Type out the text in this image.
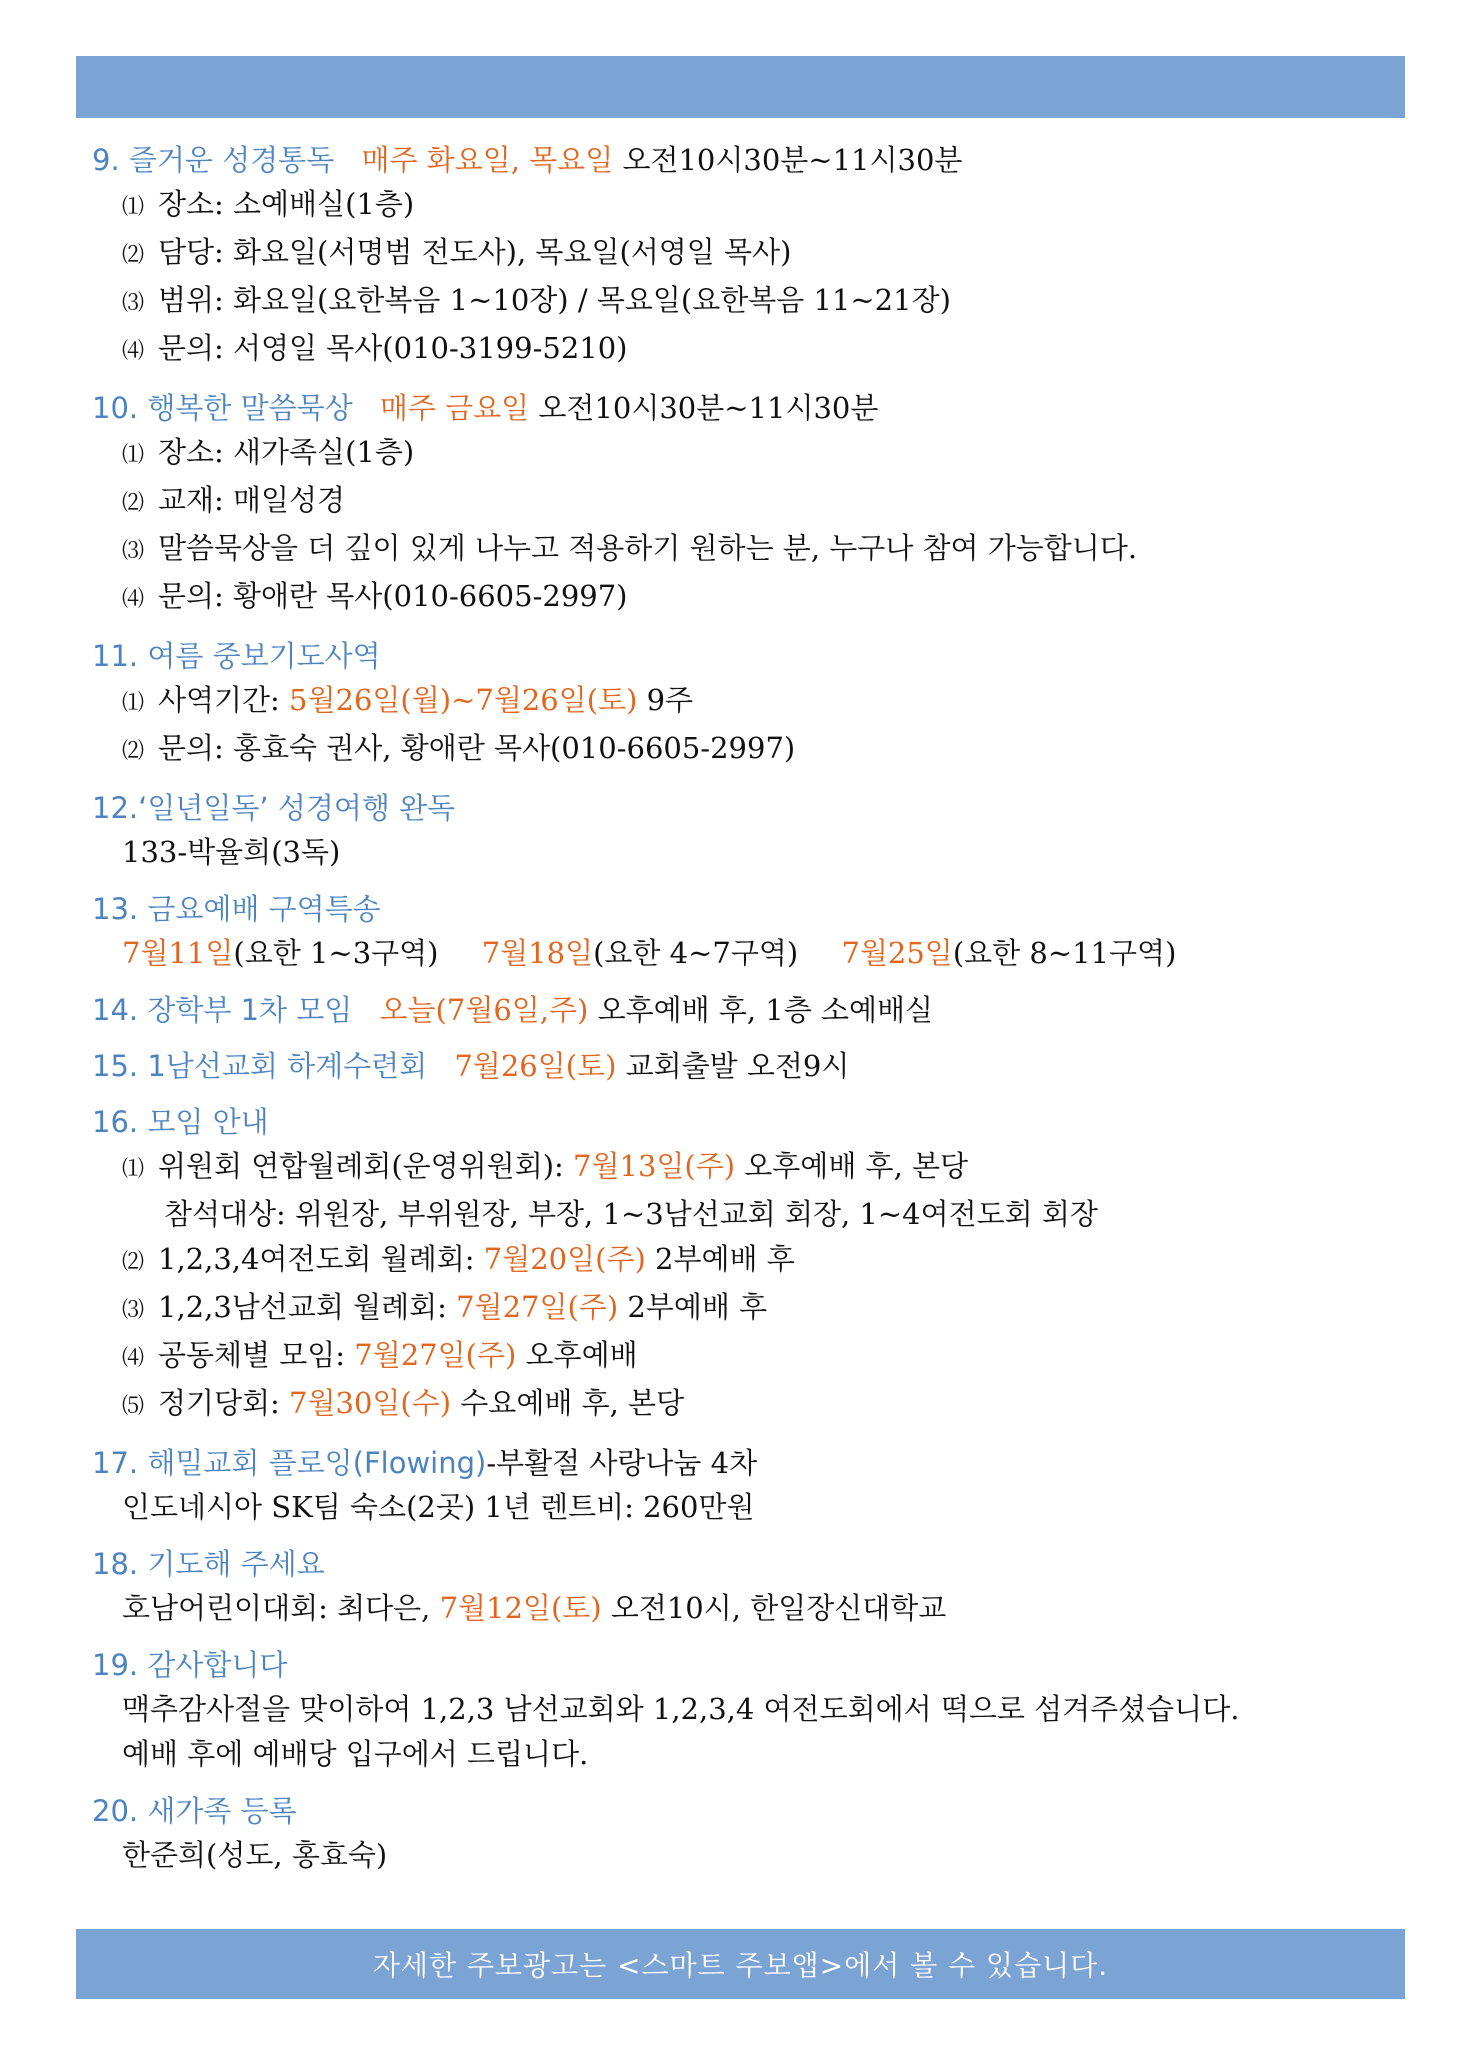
9. 즐거운 성경통독 매주 화요일, 목요일 오전10시30분~11시30분
⑴ 장소: 소예배실(1층)
⑵ 담당: 화요일(서명범 전도사), 목요일(서영일 목사)
⑶ 범위: 화요일(요한복음 1~10장) / 목요일(요한복음 11~21장)
⑷ 문의: 서영일 목사(010-3199-5210)
10. 행복한 말씀묵상 매주 금요일 오전10시30분~11시30분
⑴ 장소: 새가족실(1층)
⑵ 교재: 매일성경
⑶ 말씀묵상을 더 깊이 있게 나누고 적용하기 원하는 분, 누구나 참여 가능합니다.
⑷ 문의: 황애란 목사(010-6605-2997)
11. 여름 중보기도사역
⑴ 사역기간: 5월26일(월)~7월26일(토) 9주
⑵ 문의: 홍효숙 권사, 황애란 목사(010-6605-2997)
12.‘일년일독’ 성경여행 완독
133-박율희(3독)
13. 금요예배 구역특송
7월11일(요한 1~3구역) 7월18일(요한 4~7구역) 7월25일(요한 8~11구역)
14. 장학부 1차 모임 오늘(7월6일,주) 오후예배 후, 1층 소예배실
15. 1남선교회 하계수련회 7월26일(토) 교회출발 오전9시
16. 모임 안내
⑴ 위원회 연합월례회(운영위원회): 7월13일(주) 오후예배 후, 본당
참석대상: 위원장, 부위원장, 부장, 1~3남선교회 회장, 1~4여전도회 회장
⑵ 1,2,3,4여전도회 월례회: 7월20일(주) 2부예배 후
⑶ 1,2,3남선교회 월례회: 7월27일(주) 2부예배 후
⑷ 공동체별 모임: 7월27일(주) 오후예배
⑸ 정기당회: 7월30일(수) 수요예배 후, 본당
17. 해밀교회 플로잉(Flowing)-부활절 사랑나눔 4차
인도네시아 SK팀 숙소(2곳) 1년 렌트비: 260만원
18. 기도해 주세요
호남어린이대회: 최다은, 7월12일(토) 오전10시, 한일장신대학교
19. 감사합니다
맥추감사절을 맞이하여 1,2,3 남선교회와 1,2,3,4 여전도회에서 떡으로 섬겨주셨습니다.
예배 후에 예배당 입구에서 드립니다.
20. 새가족 등록
한준희(성도, 홍효숙)
자세한 주보광고는 <스마트 주보앱>에서 볼 수 있습니다.
